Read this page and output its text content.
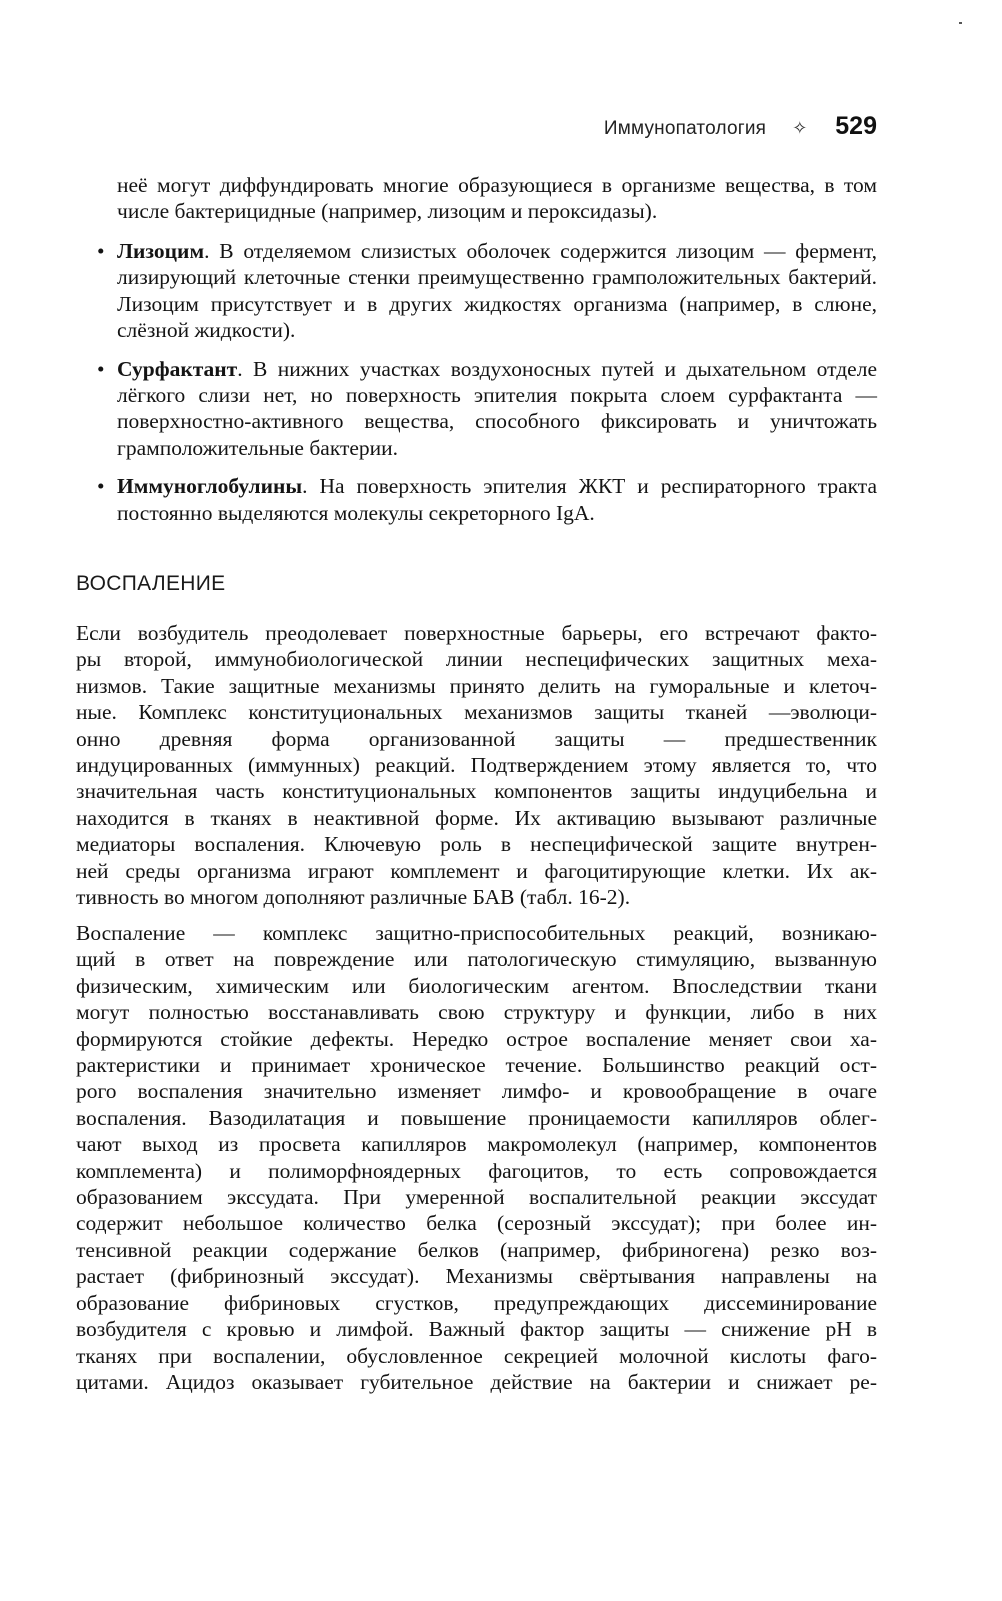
Иммунопатология ✧ 529

неё могут диффундировать многие образующиеся в организме вещества, в том числе бактерицидные (например, лизоцим и пероксидазы).

• Лизоцим. В отделяемом слизистых оболочек содержится лизоцим — фермент, лизирующий клеточные стенки преимущественно грамположительных бактерий. Лизоцим присутствует и в других жидкостях организма (например, в слюне, слёзной жидкости).
• Сурфактант. В нижних участках воздухоносных путей и дыхательном отделе лёгкого слизи нет, но поверхность эпителия покрыта слоем сурфактанта — поверхностно-активного вещества, способного фиксировать и уничтожать грамположительные бактерии.
• Иммуноглобулины. На поверхность эпителия ЖКТ и респираторного тракта постоянно выделяются молекулы секреторного IgA.
ВОСПАЛЕНИЕ

Если возбудитель преодолевает поверхностные барьеры, его встречают факто-
ры второй, иммунобиологической линии неспецифических защитных меха-
низмов. Такие защитные механизмы принято делить на гуморальные и клеточ-
ные. Комплекс конституциональных механизмов защиты тканей —эволюци-
онно древняя форма организованной защиты — предшественник
индуцированных (иммунных) реакций. Подтверждением этому является то, что
значительная часть конституциональных компонентов защиты индуцибельна и
находится в тканях в неактивной форме. Их активацию вызывают различные
медиаторы воспаления. Ключевую роль в неспецифической защите внутрен-
ней среды организма играют комплемент и фагоцитирующие клетки. Их ак-
тивность во многом дополняют различные БАВ (табл. 16-2).

Воспаление — комплекс защитно-приспособительных реакций, возникаю-
щий в ответ на повреждение или патологическую стимуляцию, вызванную
физическим, химическим или биологическим агентом. Впоследствии ткани
могут полностью восстанавливать свою структуру и функции, либо в них
формируются стойкие дефекты. Нередко острое воспаление меняет свои ха-
рактеристики и принимает хроническое течение. Большинство реакций ост-
рого воспаления значительно изменяет лимфо- и кровообращение в очаге
воспаления. Вазодилатация и повышение проницаемости капилляров облег-
чают выход из просвета капилляров макромолекул (например, компонентов
комплемента) и полиморфноядерных фагоцитов, то есть сопровождается
образованием экссудата. При умеренной воспалительной реакции экссудат
содержит небольшое количество белка (серозный экссудат); при более ин-
тенсивной реакции содержание белков (например, фибриногена) резко воз-
растает (фибринозный экссудат). Механизмы свёртывания направлены на
образование фибриновых сгустков, предупреждающих диссеминирование
возбудителя с кровью и лимфой. Важный фактор защиты — снижение pH в
тканях при воспалении, обусловленное секрецией молочной кислоты фаго-
цитами. Ацидоз оказывает губительное действие на бактерии и снижает ре-
